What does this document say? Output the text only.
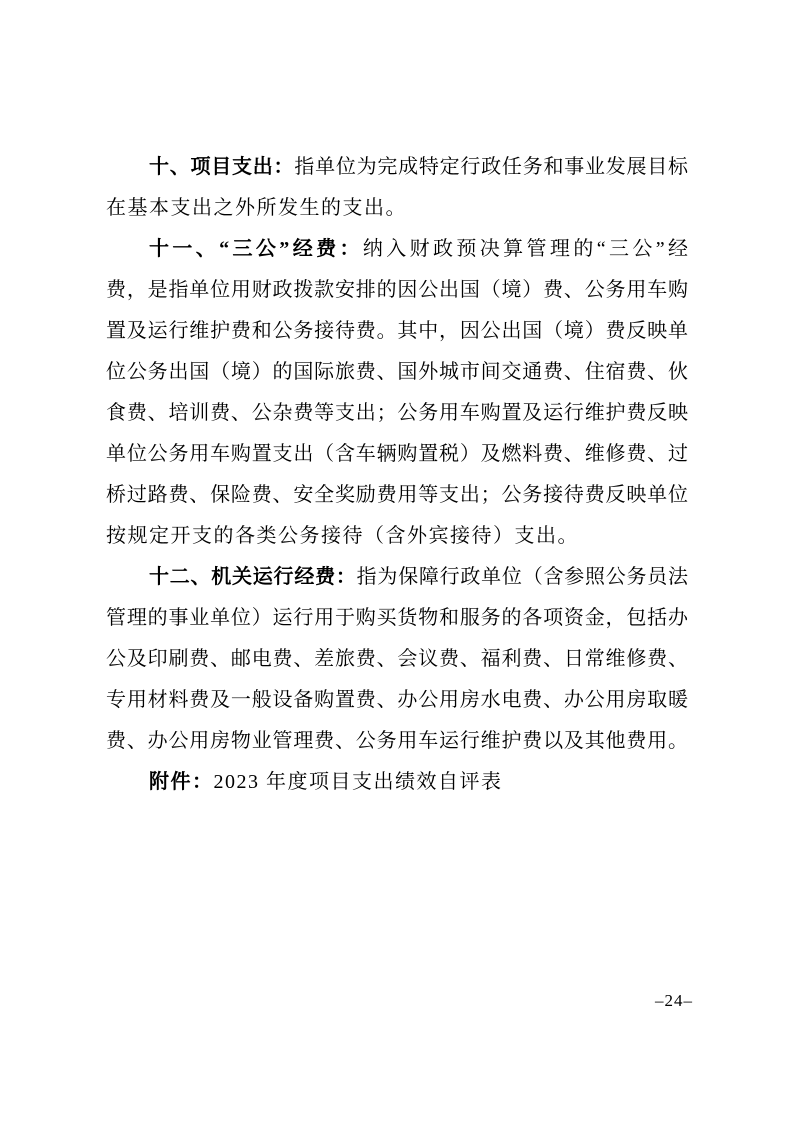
十、项目支出：指单位为完成特定行政任务和事业发展目标
在基本支出之外所发生的支出。
十一、“三公”经费：纳入财政预决算管理的“三公”经
费，是指单位用财政拨款安排的因公出国（境）费、公务用车购
置及运行维护费和公务接待费。其中，因公出国（境）费反映单
位公务出国（境）的国际旅费、国外城市间交通费、住宿费、伙
食费、培训费、公杂费等支出；公务用车购置及运行维护费反映
单位公务用车购置支出（含车辆购置税）及燃料费、维修费、过
桥过路费、保险费、安全奖励费用等支出；公务接待费反映单位
按规定开支的各类公务接待（含外宾接待）支出。
十二、机关运行经费：指为保障行政单位（含参照公务员法
管理的事业单位）运行用于购买货物和服务的各项资金，包括办
公及印刷费、邮电费、差旅费、会议费、福利费、日常维修费、
专用材料费及一般设备购置费、办公用房水电费、办公用房取暖
费、办公用房物业管理费、公务用车运行维护费以及其他费用。
附件：2023 年度项目支出绩效自评表
–24–
